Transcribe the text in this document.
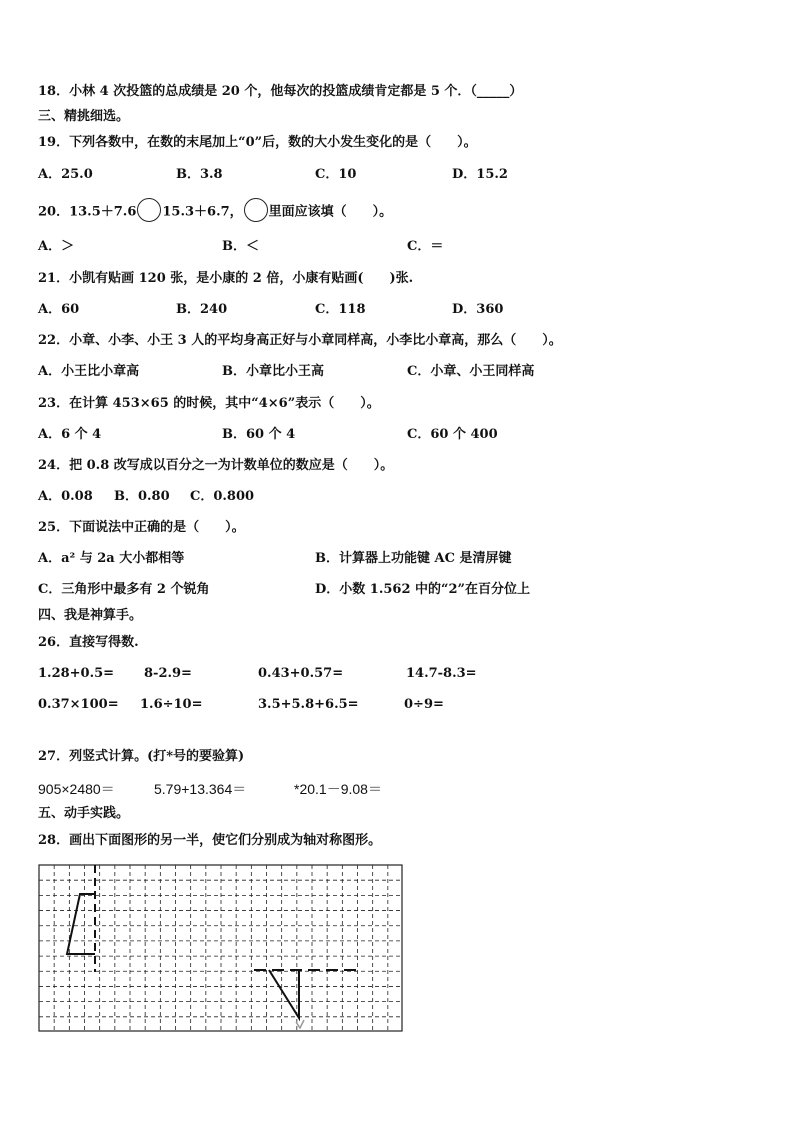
18．小林 4 次投篮的总成绩是 20 个，他每次的投篮成绩肯定都是 5 个．（_____）
三、精挑细选。
19．下列各数中，在数的末尾加上“0”后，数的大小发生变化的是（　　）。
A．25.0	B．3.8	C．10	D．15.2
20．13.5＋7.6 15.3＋6.7， 里面应该填（　　）。
A．＞	B．＜	C．＝
21．小凯有贴画 120 张，是小康的 2 倍，小康有贴画(　　)张.
A．60	B．240	C．118	D．360
22．小章、小李、小王 3 人的平均身高正好与小章同样高，小李比小章高，那么（　　）。
A．小王比小章高	B．小章比小王高	C．小章、小王同样高
23．在计算 453×65 的时候，其中“4×6”表示（　　）。
A．6 个 4	B．60 个 4	C．60 个 400
24．把 0.8 改写成以百分之一为计数单位的数应是（　　）。
A．0.08 B．0.80 C．0.800
25．下面说法中正确的是（　　）。
A．a² 与 2a 大小都相等	B．计算器上功能键 AC 是清屏键
C．三角形中最多有 2 个锐角	D．小数 1.562 中的“2”在百分位上
四、我是神算手。
26．直接写得数.
1.28+0.5= 8-2.9=	0.43+0.57=	14.7-8.3=
0.37×100= 1.6÷10=	3.5+5.8+6.5=	0÷9=
27．列竖式计算。(打*号的要验算)
905×2480＝	5.79+13.364＝	*20.1－9.08＝
五、动手实践。
28．画出下面图形的另一半，使它们分别成为轴对称图形。
